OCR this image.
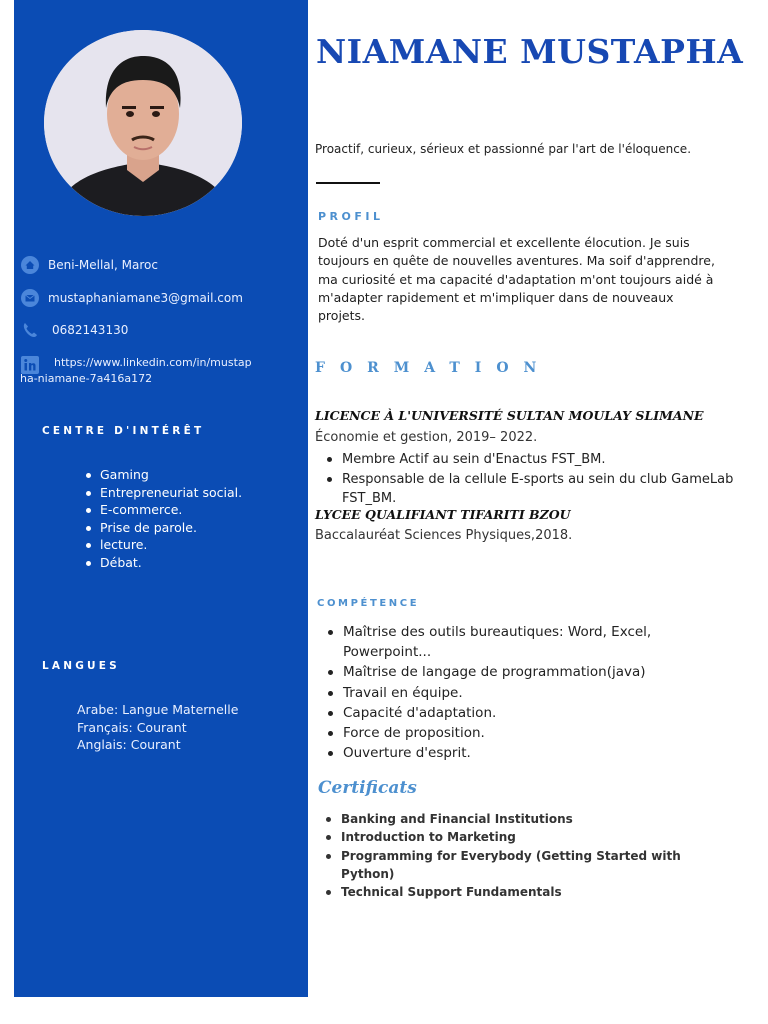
Beni-Mellal, Maroc
mustaphaniamane3@gmail.com
0682143130
https://www.linkedin.com/in/mustapha-niamane-7a416a172
CENTRE D'INTÉRÊT
Gaming
Entrepreneuriat social.
E-commerce.
Prise de parole.
lecture.
Débat.
LANGUES
Arabe: Langue Maternelle
Français: Courant
Anglais: Courant
NIAMANE MUSTAPHA
Proactif, curieux, sérieux et passionné par l'art de l'éloquence.
PROFIL
Doté d'un esprit commercial et excellente élocution. Je suis toujours en quête de nouvelles aventures. Ma soif d'apprendre, ma curiosité et ma capacité d'adaptation m'ont toujours aidé à m'adapter rapidement et m'impliquer dans de nouveaux projets.
FORMATION
LICENCE À L'UNIVERSITÉ SULTAN MOULAY SLIMANE
Économie et gestion, 2019– 2022.
Membre Actif au sein d'Enactus FST_BM.
Responsable de la cellule E-sports au sein du club GameLab FST_BM.
LYCEE QUALIFIANT TIFARITI BZOU
Baccalauréat Sciences Physiques,2018.
COMPÉTENCE
Maîtrise des outils bureautiques: Word, Excel, Powerpoint...
Maîtrise de langage de programmation(java)
Travail en équipe.
Capacité d'adaptation.
Force de proposition.
Ouverture d'esprit.
Certificats
Banking and Financial Institutions
Introduction to Marketing
Programming for Everybody (Getting Started with Python)
Technical Support Fundamentals
